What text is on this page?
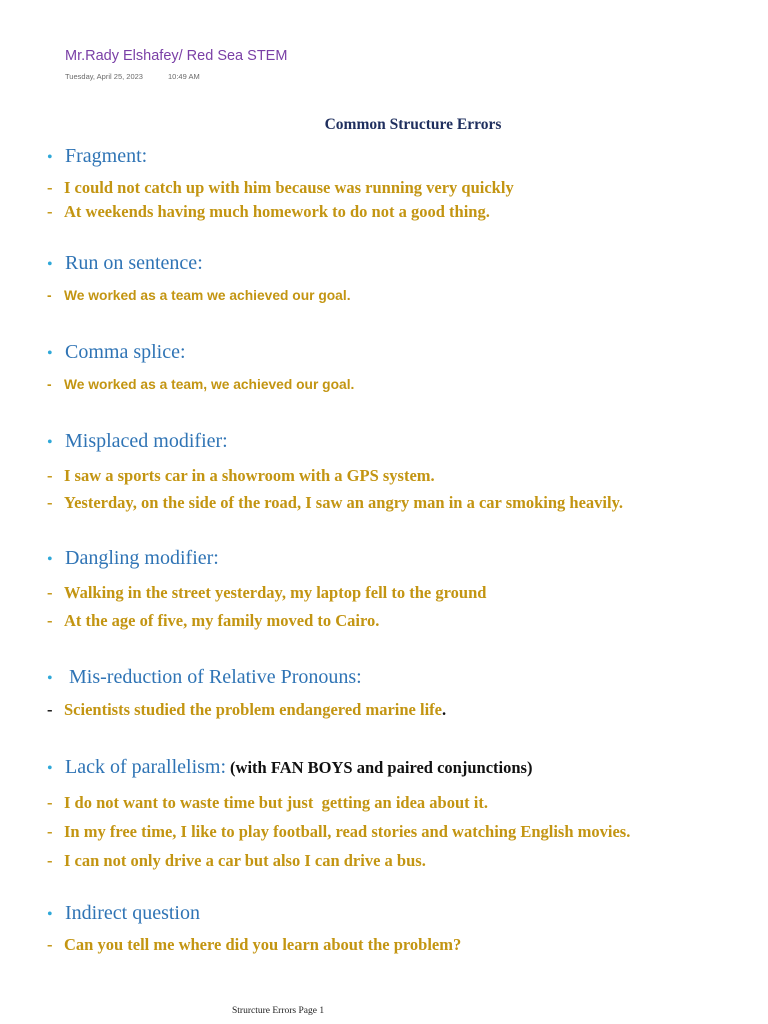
Mr.Rady Elshafey/ Red Sea STEM
Tuesday, April 25, 2023	10:49 AM
Common Structure Errors
• Fragment:
- I could not catch up with him because was running very quickly
- At weekends having much homework to do not a good thing.
• Run on sentence:
- We worked as a team we achieved our goal.
• Comma splice:
- We worked as a team, we achieved our goal.
• Misplaced modifier:
- I saw a sports car in a showroom with a GPS system.
- Yesterday, on the side of the road, I saw an angry man in a car smoking heavily.
• Dangling modifier:
- Walking in the street yesterday, my laptop fell to the ground
- At the age of five, my family moved to Cairo.
• Mis-reduction of Relative Pronouns:
- Scientists studied the problem endangered marine life .
• Lack of parallelism: (with FAN BOYS and paired conjunctions)
- I do not want to waste time but just  getting an idea about it.
- In my free time, I like to play football, read stories and watching English movies.
- I can not only drive a car but also I can drive a bus.
• Indirect question
- Can you tell me where did you learn about the problem?
Strurcture Errors Page 1
